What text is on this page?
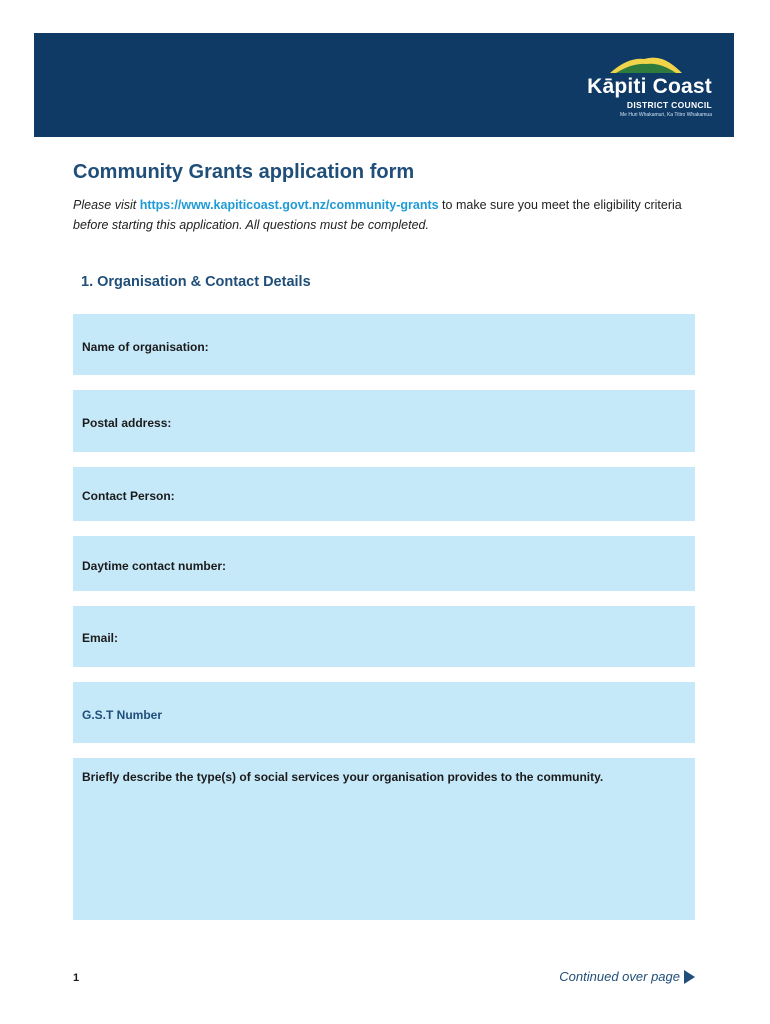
Kāpiti Coast
DISTRICT COUNCIL
Me Huri Whakamuri, Ka Titiro Whakamua
Community Grants application form

Please visit https://www.kapiticoast.govt.nz/community-grants to make sure you meet the eligibility criteria before starting this application. All questions must be completed.

1. Organisation & Contact Details
Name of organisation:
Postal address:
Contact Person:
Daytime contact number:
Email:
G.S.T Number
Briefly describe the type(s) of social services your organisation provides to the community.
1	Continued over page
